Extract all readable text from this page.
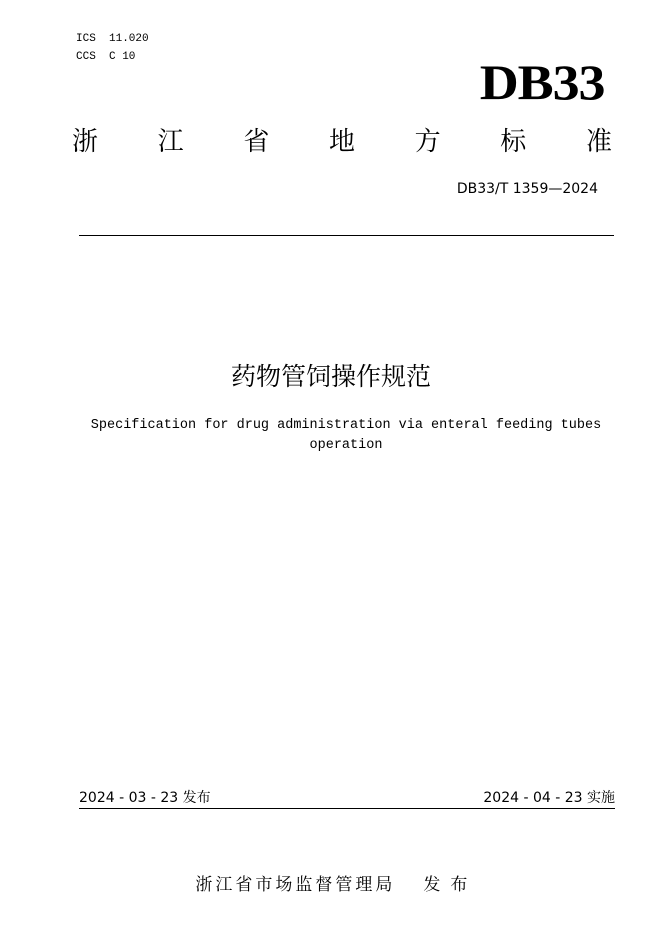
ICS  11.020
CCS  C 10	DB33
浙 江 省 地 方 标 准
DB33/T 1359—2024
药物管饲操作规范
Specification for drug administration via enteral feeding tubes operation
2024 - 03 - 23 发布	2024 - 04 - 23 实施

浙江省市场监督管理局 发布
